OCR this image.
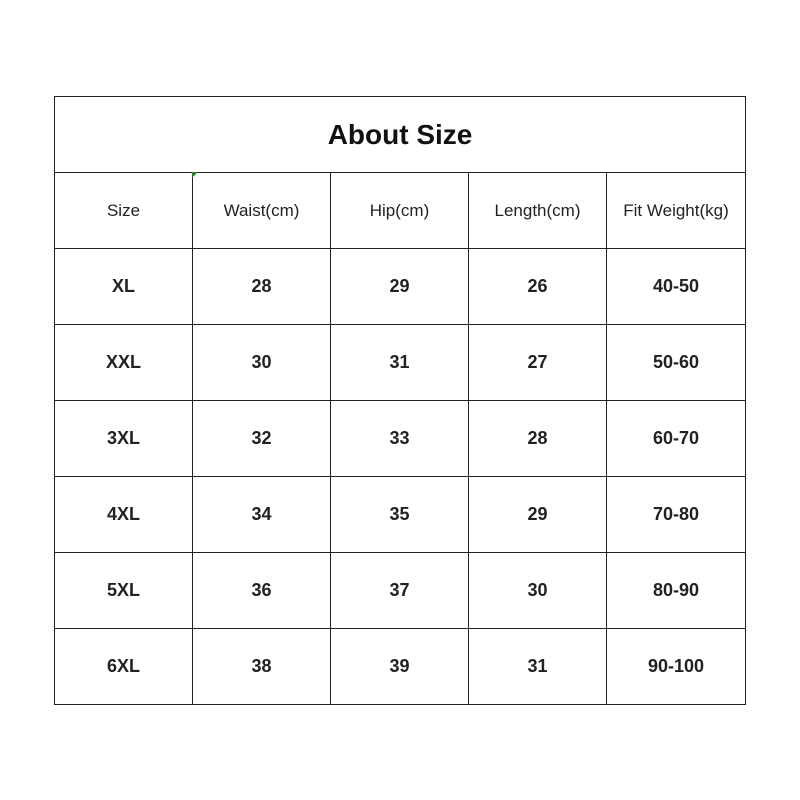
About Size				
Size	Waist(cm)	Hip(cm)	Length(cm)	Fit Weight(kg)
XL	28	29	26	40-50
XXL	30	31	27	50-60
3XL	32	33	28	60-70
4XL	34	35	29	70-80
5XL	36	37	30	80-90
6XL	38	39	31	90-100
